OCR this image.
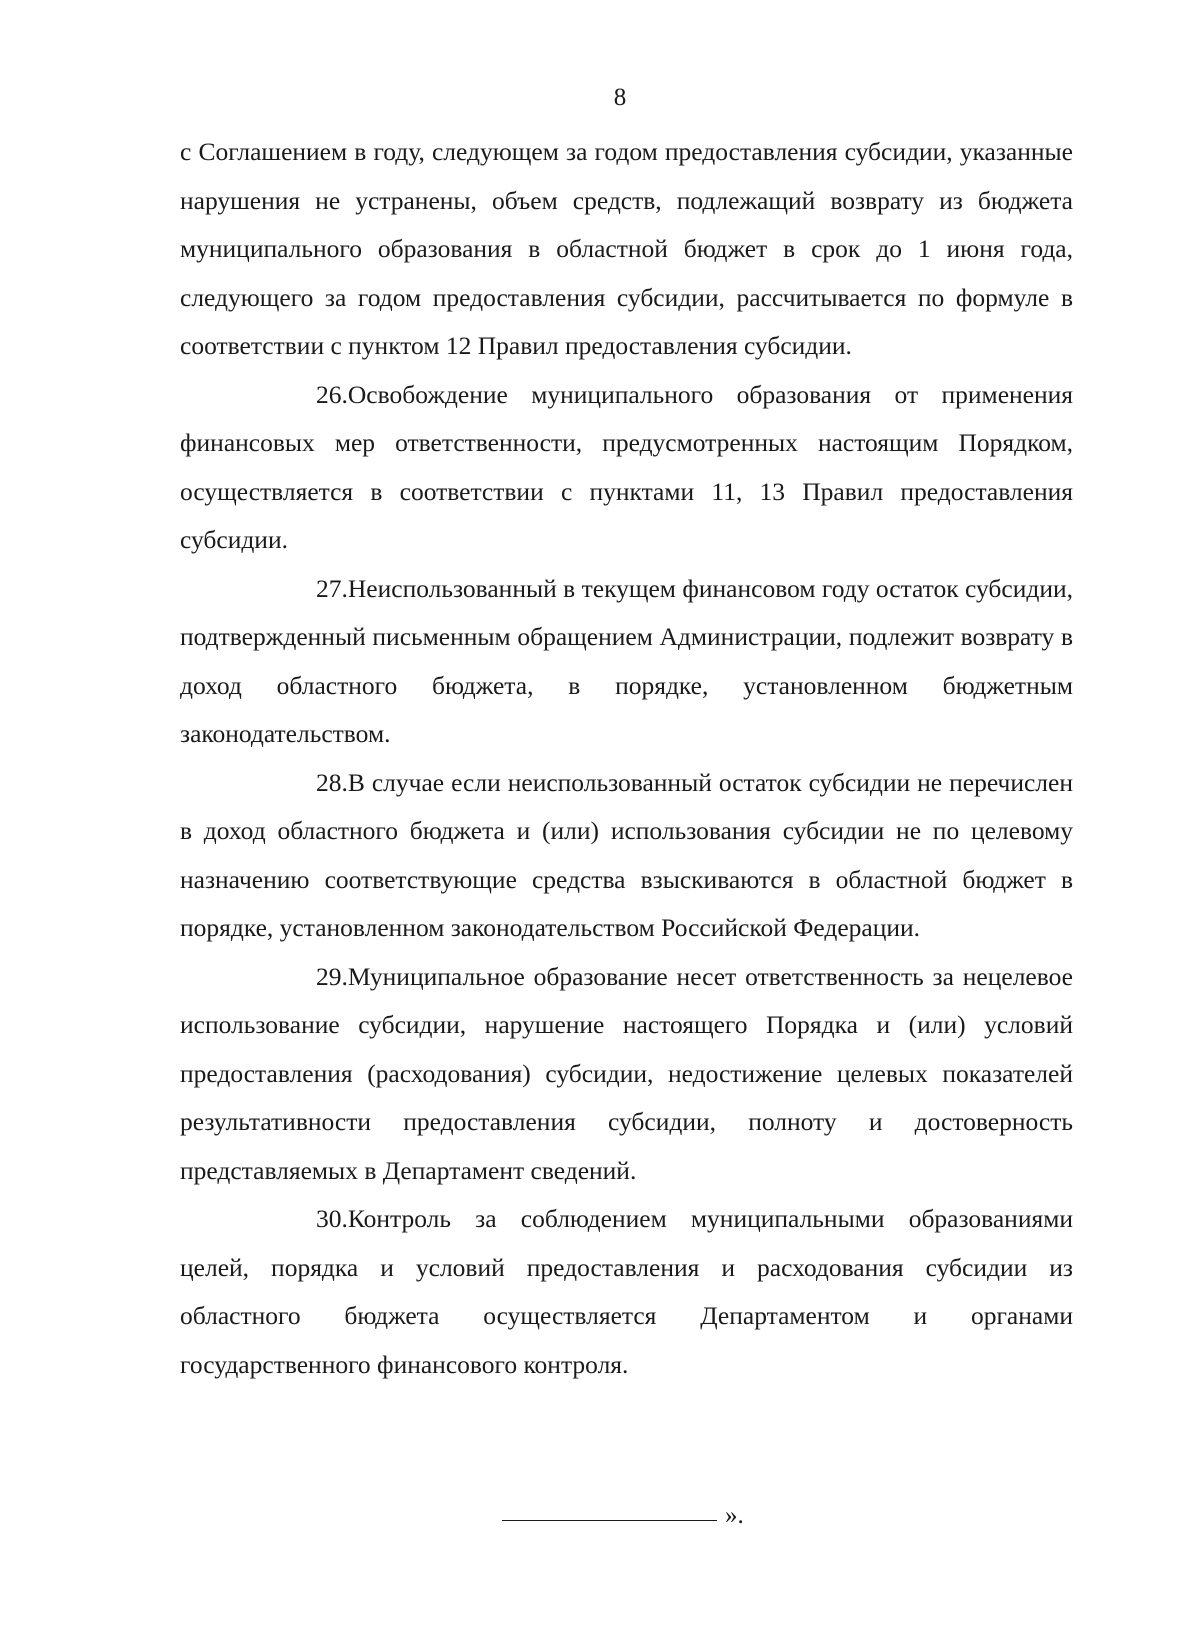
8

с Соглашением в году, следующем за годом предоставления субсидии, указанные нарушения не устранены, объем средств, подлежащий возврату из бюджета муниципального образования в областной бюджет в срок до 1 июня года, следующего за годом предоставления субсидии, рассчитывается по формуле в соответствии с пунктом 12 Правил предоставления субсидии.

26.Освобождение муниципального образования от применения финансовых мер ответственности, предусмотренных настоящим Порядком, осуществляется в соответствии с пунктами 11, 13 Правил предоставления субсидии.

27.Неиспользованный в текущем финансовом году остаток субсидии, подтвержденный письменным обращением Администрации, подлежит возврату в доход областного бюджета, в порядке, установленном бюджетным законодательством.

28.В случае если неиспользованный остаток субсидии не перечислен в доход областного бюджета и (или) использования субсидии не по целевому назначению соответствующие средства взыскиваются в областной бюджет в порядке, установленном законодательством Российской Федерации.

29.Муниципальное образование несет ответственность за нецелевое использование субсидии, нарушение настоящего Порядка и (или) условий предоставления (расходования) субсидии, недостижение целевых показателей результативности предоставления субсидии, полноту и достоверность представляемых в Департамент сведений.

30.Контроль за соблюдением муниципальными образованиями целей, порядка и условий предоставления и расходования субсидии из областного бюджета осуществляется Департаментом и органами государственного финансового контроля.

».
